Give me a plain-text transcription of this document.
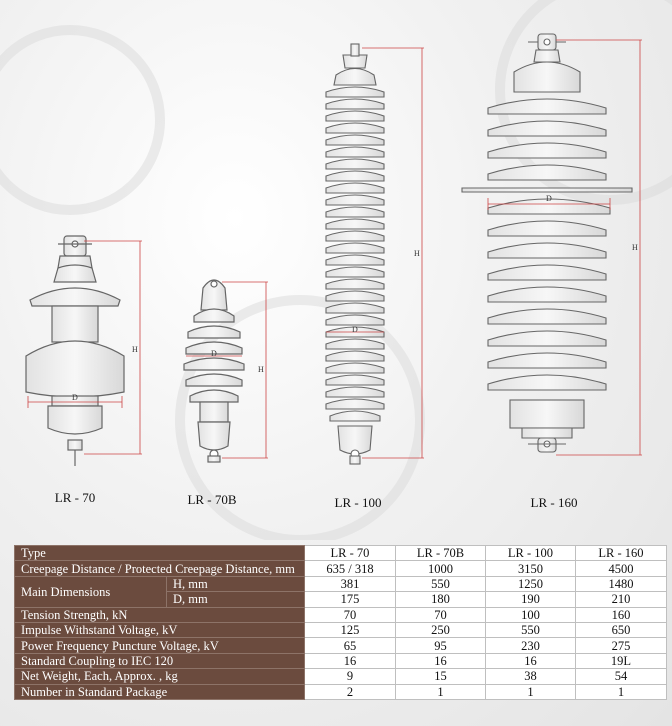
H
D
H
D
H
D
H
D
LR - 70	LR - 70B	LR - 100	LR - 160
Type		LR - 70	LR - 70B	LR - 100	LR - 160
Creepage Distance / Protected Creepage Distance, mm		635 / 318	1000	3150	4500
Main Dimensions	H, mm	381	550	1250	1480
	D, mm	175	180	190	210
Tension Strength, kN		70	70	100	160
Impulse Withstand Voltage, kV		125	250	550	650
Power Frequency Puncture Voltage, kV		65	95	230	275
Standard Coupling to IEC 120		16	16	16	19L
Net Weight, Each, Approx. , kg		9	15	38	54
Number in Standard Package		2	1	1	1
